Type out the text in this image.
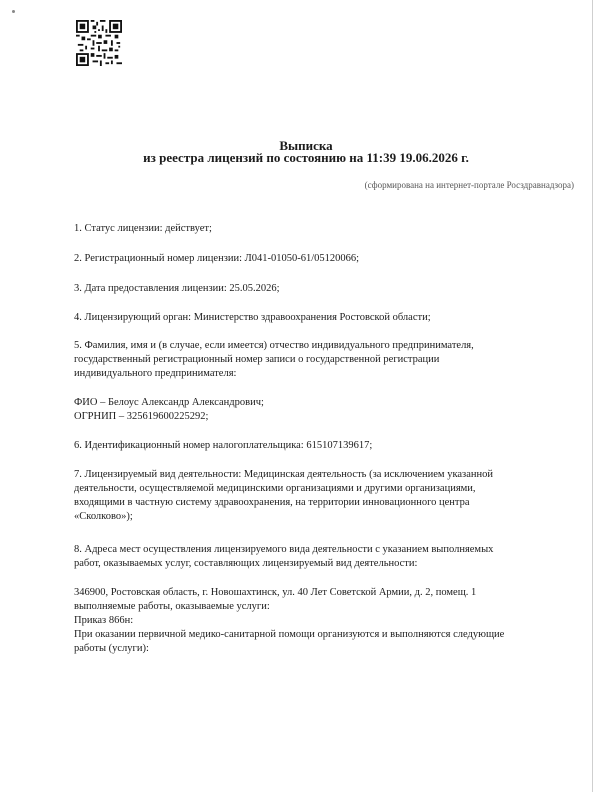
Выписка
из реестра лицензий по состоянию на 11:39 19.06.2026 г.
(сформирована на интернет-портале Росздравнадзора)
1. Статус лицензии: действует;
2. Регистрационный номер лицензии: Л041-01050-61/05120066;
3. Дата предоставления лицензии: 25.05.2026;
4. Лицензирующий орган: Министерство здравоохранения Ростовской области;
5. Фамилия, имя и (в случае, если имеется) отчество индивидуального предпринимателя,
государственный регистрационный номер записи о государственной регистрации
индивидуального предпринимателя:
ФИО – Белоус Александр Александрович;
ОГРНИП – 325619600225292;
6. Идентификационный номер налогоплательщика: 615107139617;
7. Лицензируемый вид деятельности: Медицинская деятельность (за исключением указанной
деятельности, осуществляемой медицинскими организациями и другими организациями,
входящими в частную систему здравоохранения, на территории инновационного центра
«Сколково»);
8. Адреса мест осуществления лицензируемого вида деятельности с указанием выполняемых
работ, оказываемых услуг, составляющих лицензируемый вид деятельности:
346900, Ростовская область, г. Новошахтинск, ул. 40 Лет Советской Армии, д. 2, помещ. 1
выполняемые работы, оказываемые услуги:
Приказ 866н:
При оказании первичной медико-санитарной помощи организуются и выполняются следующие
работы (услуги):
